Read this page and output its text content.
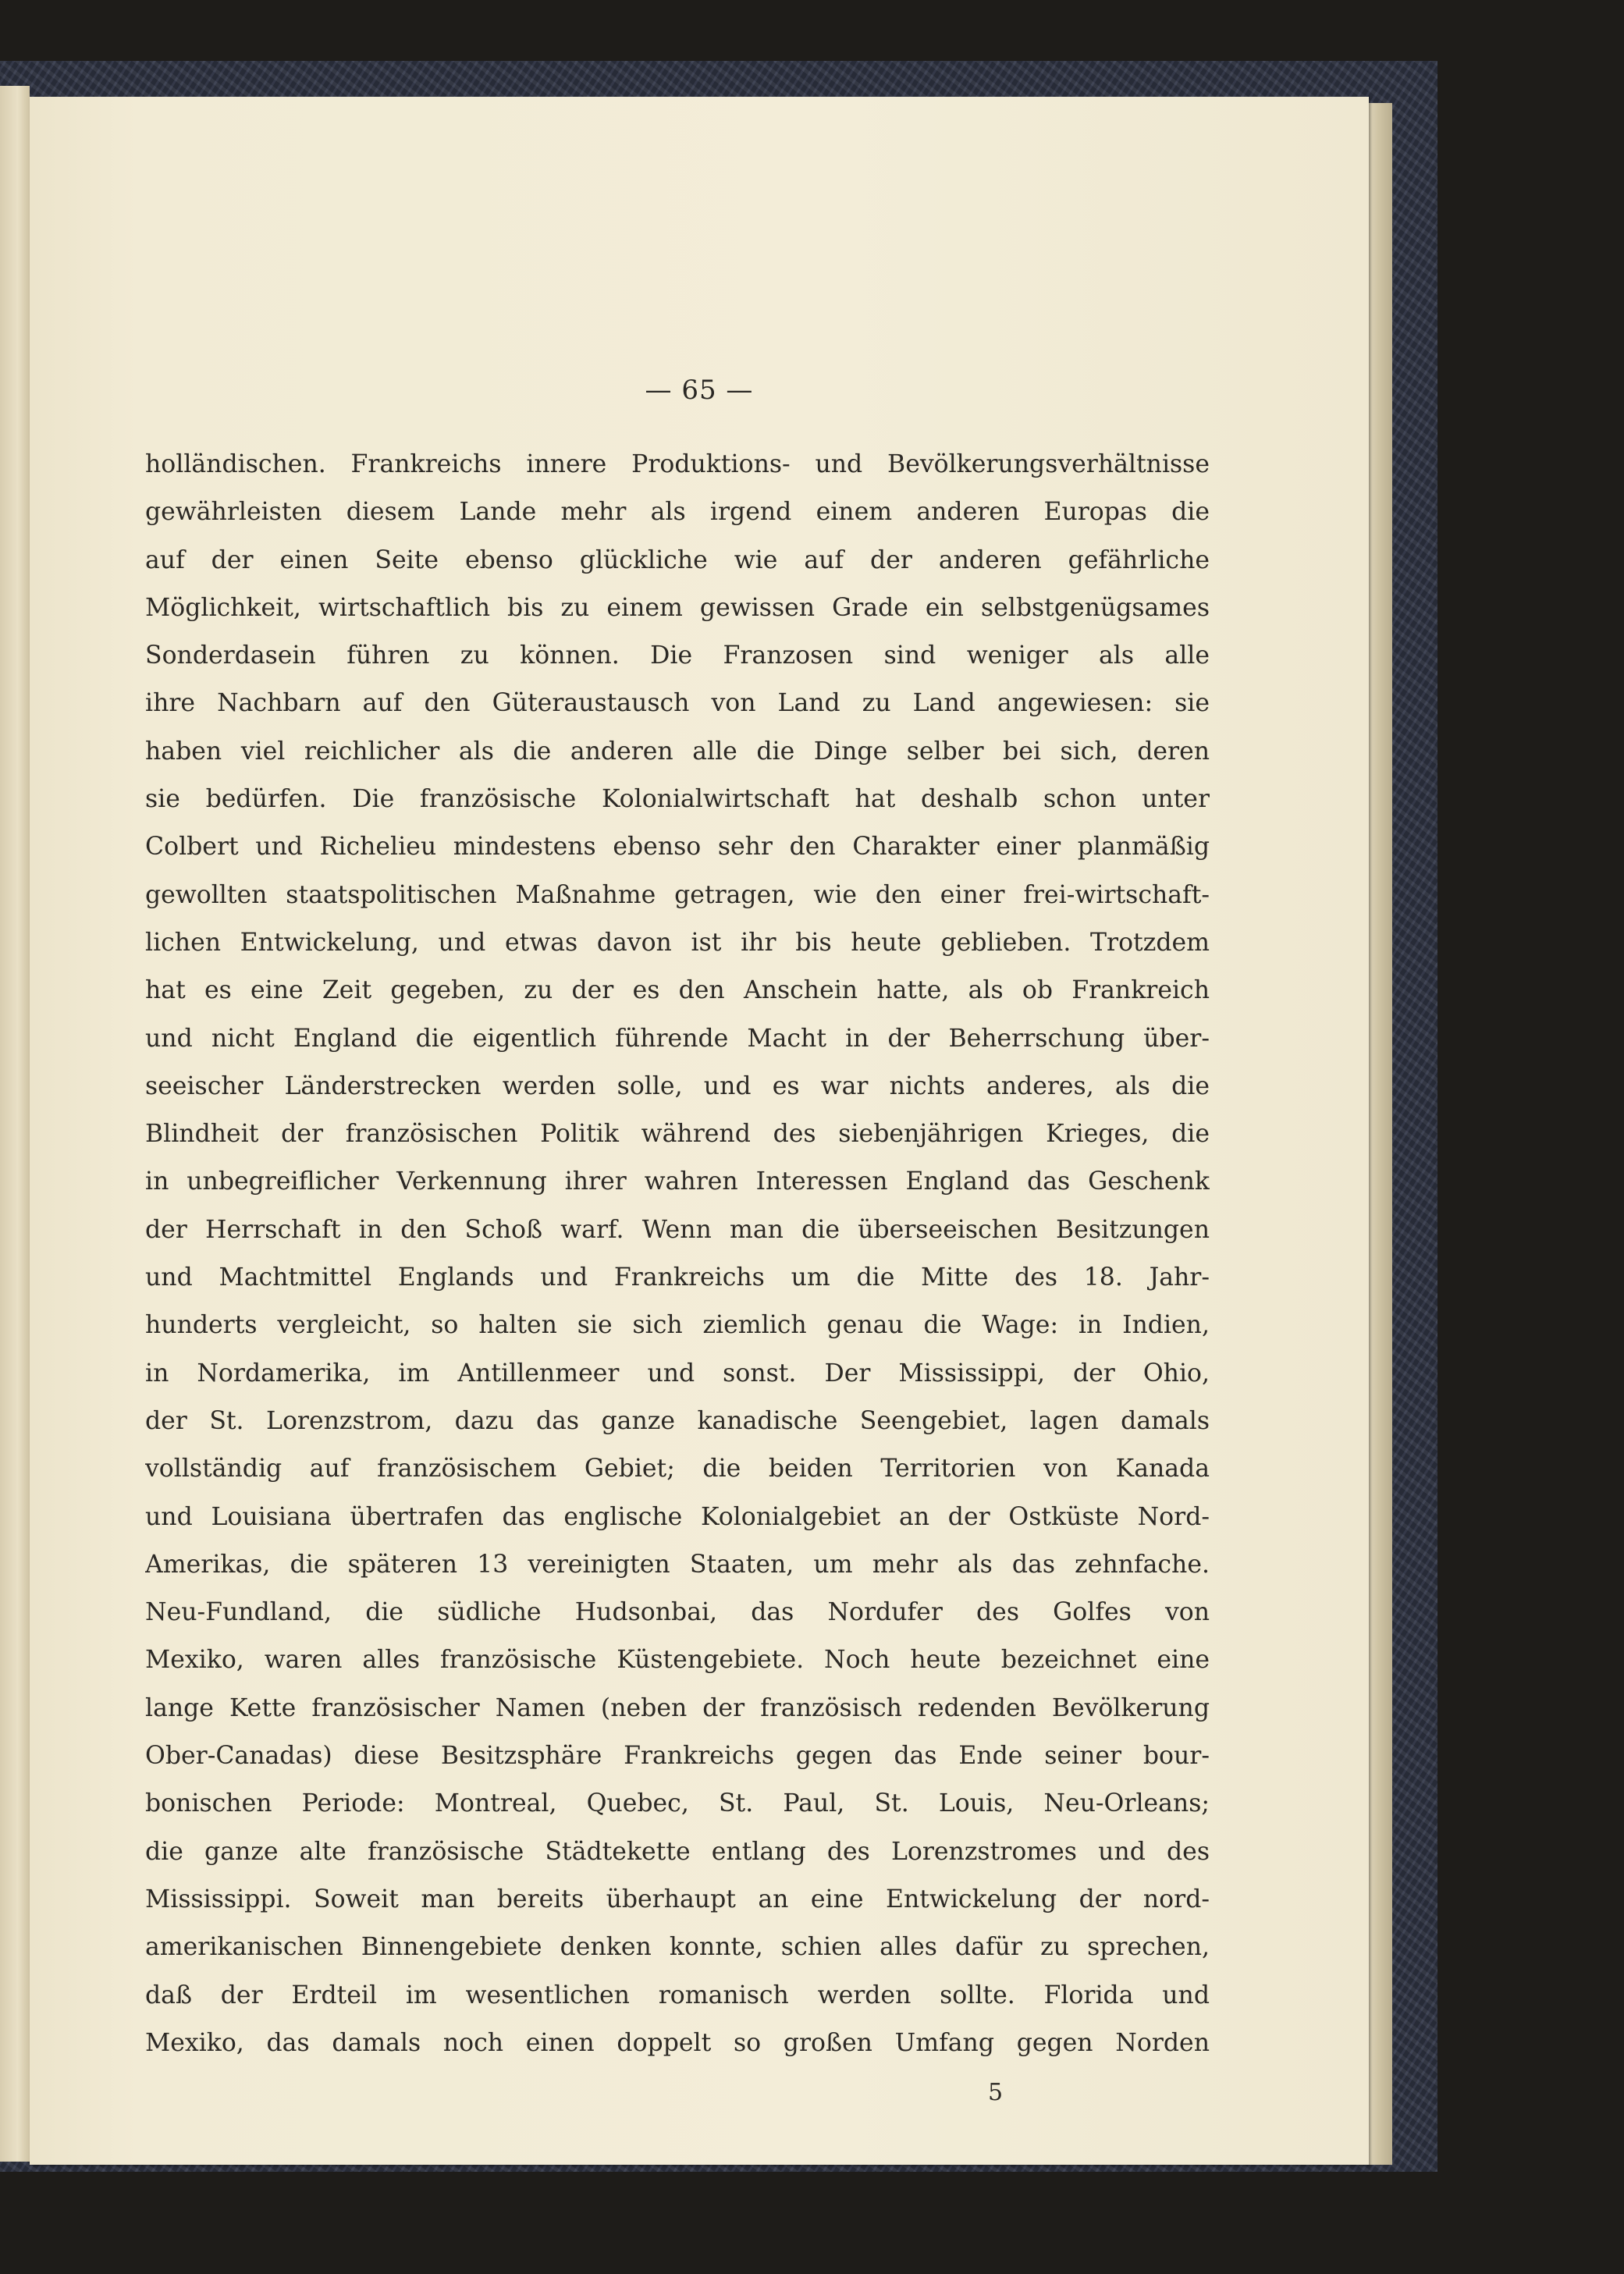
— 65 —
holländischen. Frankreichs innere Produktions- und Bevölkerungsverhältnisse
gewährleisten diesem Lande mehr als irgend einem anderen Europas die
auf der einen Seite ebenso glückliche wie auf der anderen gefährliche
Möglichkeit, wirtschaftlich bis zu einem gewissen Grade ein selbstgenügsames
Sonderdasein führen zu können. Die Franzosen sind weniger als alle
ihre Nachbarn auf den Güteraustausch von Land zu Land angewiesen: sie
haben viel reichlicher als die anderen alle die Dinge selber bei sich, deren
sie bedürfen. Die französische Kolonialwirtschaft hat deshalb schon unter
Colbert und Richelieu mindestens ebenso sehr den Charakter einer planmäßig
gewollten staatspolitischen Maßnahme getragen, wie den einer frei-wirtschaft-
lichen Entwickelung, und etwas davon ist ihr bis heute geblieben. Trotzdem
hat es eine Zeit gegeben, zu der es den Anschein hatte, als ob Frankreich
und nicht England die eigentlich führende Macht in der Beherrschung über-
seeischer Länderstrecken werden solle, und es war nichts anderes, als die
Blindheit der französischen Politik während des siebenjährigen Krieges, die
in unbegreiflicher Verkennung ihrer wahren Interessen England das Geschenk
der Herrschaft in den Schoß warf. Wenn man die überseeischen Besitzungen
und Machtmittel Englands und Frankreichs um die Mitte des 18. Jahr-
hunderts vergleicht, so halten sie sich ziemlich genau die Wage: in Indien,
in Nordamerika, im Antillenmeer und sonst. Der Mississippi, der Ohio,
der St. Lorenzstrom, dazu das ganze kanadische Seengebiet, lagen damals
vollständig auf französischem Gebiet; die beiden Territorien von Kanada
und Louisiana übertrafen das englische Kolonialgebiet an der Ostküste Nord-
Amerikas, die späteren 13 vereinigten Staaten, um mehr als das zehnfache.
Neu-Fundland, die südliche Hudsonbai, das Nordufer des Golfes von
Mexiko, waren alles französische Küstengebiete. Noch heute bezeichnet eine
lange Kette französischer Namen (neben der französisch redenden Bevölkerung
Ober-Canadas) diese Besitzsphäre Frankreichs gegen das Ende seiner bour-
bonischen Periode: Montreal, Quebec, St. Paul, St. Louis, Neu-Orleans;
die ganze alte französische Städtekette entlang des Lorenzstromes und des
Mississippi. Soweit man bereits überhaupt an eine Entwickelung der nord-
amerikanischen Binnengebiete denken konnte, schien alles dafür zu sprechen,
daß der Erdteil im wesentlichen romanisch werden sollte. Florida und
Mexiko, das damals noch einen doppelt so großen Umfang gegen Norden
5
